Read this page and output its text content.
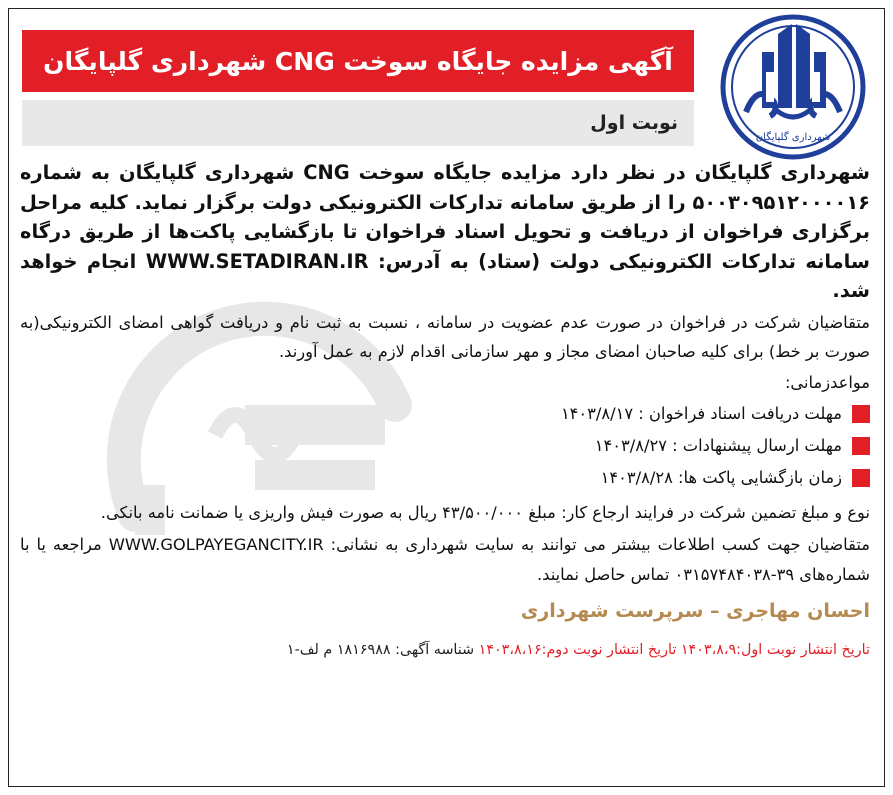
شهرداری گلپایگان
آگهی مزایده جایگاه سوخت CNG شهرداری گلپایگان
نوبت اول

شهرداری گلپایگان در نظر دارد مزایده جایگاه سوخت CNG شهرداری گلپایگان به شماره ۵۰۰۳۰۹۵۱۲۰۰۰۰۱۶ را از طریق سامانه تدارکات الکترونیکی دولت برگزار نماید. کلیه مراحل برگزاری فراخوان از دریافت و تحویل اسناد فراخوان تا بازگشایی پاکت‌ها از طریق درگاه سامانه تدارکات الکترونیکی دولت (ستاد) به آدرس: WWW.SETADIRAN.IR انجام خواهد شد.

متقاضیان شرکت در فراخوان در صورت عدم عضویت در سامانه ، نسبت به ثبت نام و دریافت گواهی امضای الکترونیکی(به صورت بر خط) برای کلیه صاحبان امضای مجاز و مهر سازمانی اقدام لازم به عمل آورند.

مواعدزمانی:

مهلت دریافت اسناد فراخوان : ۱۴۰۳/۸/۱۷
مهلت ارسال پیشنهادات : ۱۴۰۳/۸/۲۷
زمان بازگشایی پاکت ها: ۱۴۰۳/۸/۲۸

نوع و مبلغ تضمین شرکت در فرایند ارجاع کار: مبلغ ۴۳/۵۰۰/۰۰۰ ریال به صورت فیش واریزی یا ضمانت نامه بانکی.

متقاضیان جهت کسب اطلاعات بیشتر می توانند به سایت شهرداری به نشانی: WWW.GOLPAYEGANCITY.IR مراجعه یا با شماره‌های ۳۹-۰۳۱۵۷۴۸۴۰۳۸ تماس حاصل نمایند.

احسان مهاجری – سرپرست شهرداری

تاریخ انتشار نوبت اول:۱۴۰۳،۸،۹ تاریخ انتشار نوبت دوم:۱۴۰۳،۸،۱۶ شناسه آگهی: ۱۸۱۶۹۸۸ م لف-۱
